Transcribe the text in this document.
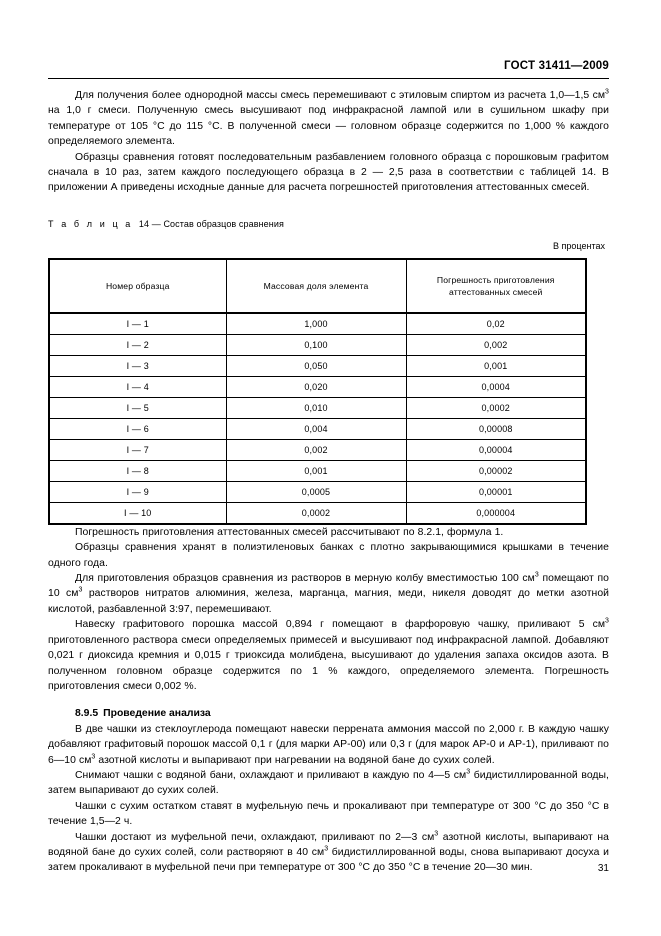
ГОСТ 31411—2009

Для получения более однородной массы смесь перемешивают с этиловым спиртом из расчета 1,0—1,5 $см^3$ на 1,0 г смеси. Полученную смесь высушивают под инфракрасной лампой или в сушильном шкафу при температуре от 105 °С до 115 °С. В полученной смеси — головном образце содержится по 1,000 % каждого определяемого элемента.

Образцы сравнения готовят последовательным разбавлением головного образца с порошковым графитом сначала в 10 раз, затем каждого последующего образца в 2 — 2,5 раза в соответствии с таблицей 14. В приложении А приведены исходные данные для расчета погрешностей приготовления аттестованных смесей.

Т а б л и ц а 14 — Состав образцов сравнения
В процентах
Номер образца	Массовая доля элемента	Погрешность приготовления аттестованных смесей
I — 1	1,000	0,02
I — 2	0,100	0,002
I — 3	0,050	0,001
I — 4	0,020	0,0004
I — 5	0,010	0,0002
I — 6	0,004	0,00008
I — 7	0,002	0,00004
I — 8	0,001	0,00002
I — 9	0,0005	0,00001
I — 10	0,0002	0,000004

Погрешность приготовления аттестованных смесей рассчитывают по 8.2.1, формула 1.

Образцы сравнения хранят в полиэтиленовых банках с плотно закрывающимися крышками в течение одного года.

Для приготовления образцов сравнения из растворов в мерную колбу вместимостью 100 $см^3$ помещают по 10 $см^3$ растворов нитратов алюминия, железа, марганца, магния, меди, никеля доводят до метки азотной кислотой, разбавленной 3:97, перемешивают.

Навеску графитового порошка массой 0,894 г помещают в фарфоровую чашку, приливают 5 $см^3$ приготовленного раствора смеси определяемых примесей и высушивают под инфракрасной лампой. Добавляют 0,021 г диоксида кремния и 0,015 г триоксида молибдена, высушивают до удаления запаха оксидов азота. В полученном головном образце содержится по 1 % каждого, определяемого элемента. Погрешность приготовления смеси 0,002 %.

8.9.5 Проведение анализа

В две чашки из стеклоуглерода помещают навески перрената аммония массой по 2,000 г. В каждую чашку добавляют графитовый порошок массой 0,1 г (для марки АР-00) или 0,3 г (для марок АР-0 и АР-1), приливают по 6—10 $см^3$ азотной кислоты и выпаривают при нагревании на водяной бане до сухих солей.

Снимают чашки с водяной бани, охлаждают и приливают в каждую по 4—5 $см^3$ бидистиллированной воды, затем выпаривают до сухих солей.

Чашки с сухим остатком ставят в муфельную печь и прокаливают при температуре от 300 °С до 350 °С в течение 1,5—2 ч.

Чашки достают из муфельной печи, охлаждают, приливают по 2—3 $см^3$ азотной кислоты, выпаривают на водяной бане до сухих солей, соли растворяют в 40 $см^3$ бидистиллированной воды, снова выпаривают досуха и затем прокаливают в муфельной печи при температуре от 300 °С до 350 °С в течение 20—30 мин.	31
